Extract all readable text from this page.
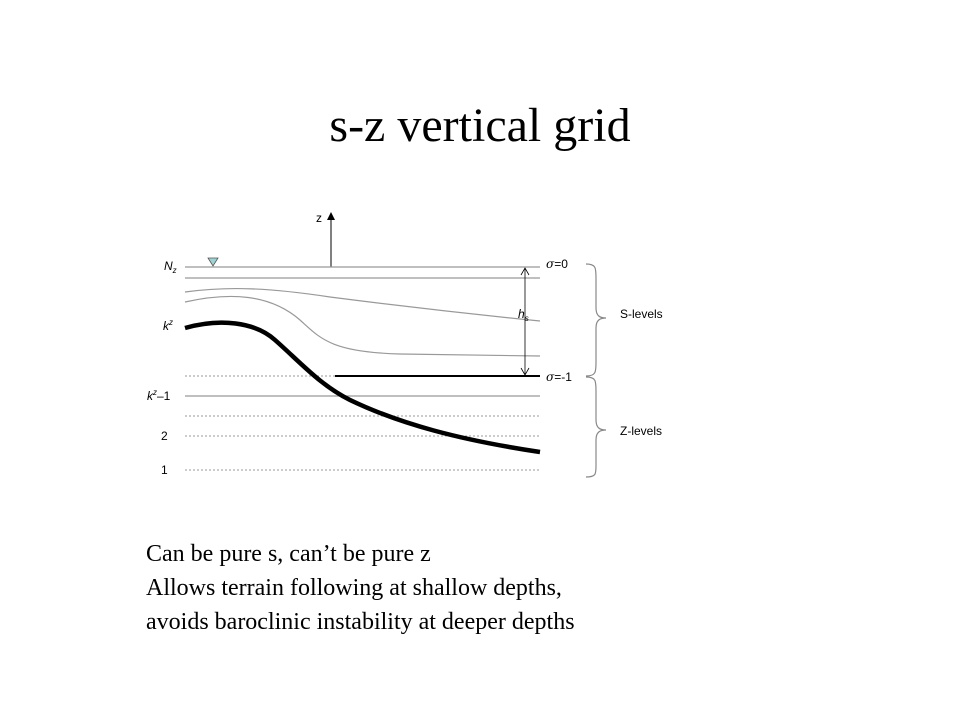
s-z vertical grid
z
$h_s$
$N_z$
$k^z$
$k^z-1$
2
1
σ=0
σ=-1
S-levels
Z-levels
Can be pure s, can’t be pure z
Allows terrain following at shallow depths,
avoids baroclinic instability at deeper depths
